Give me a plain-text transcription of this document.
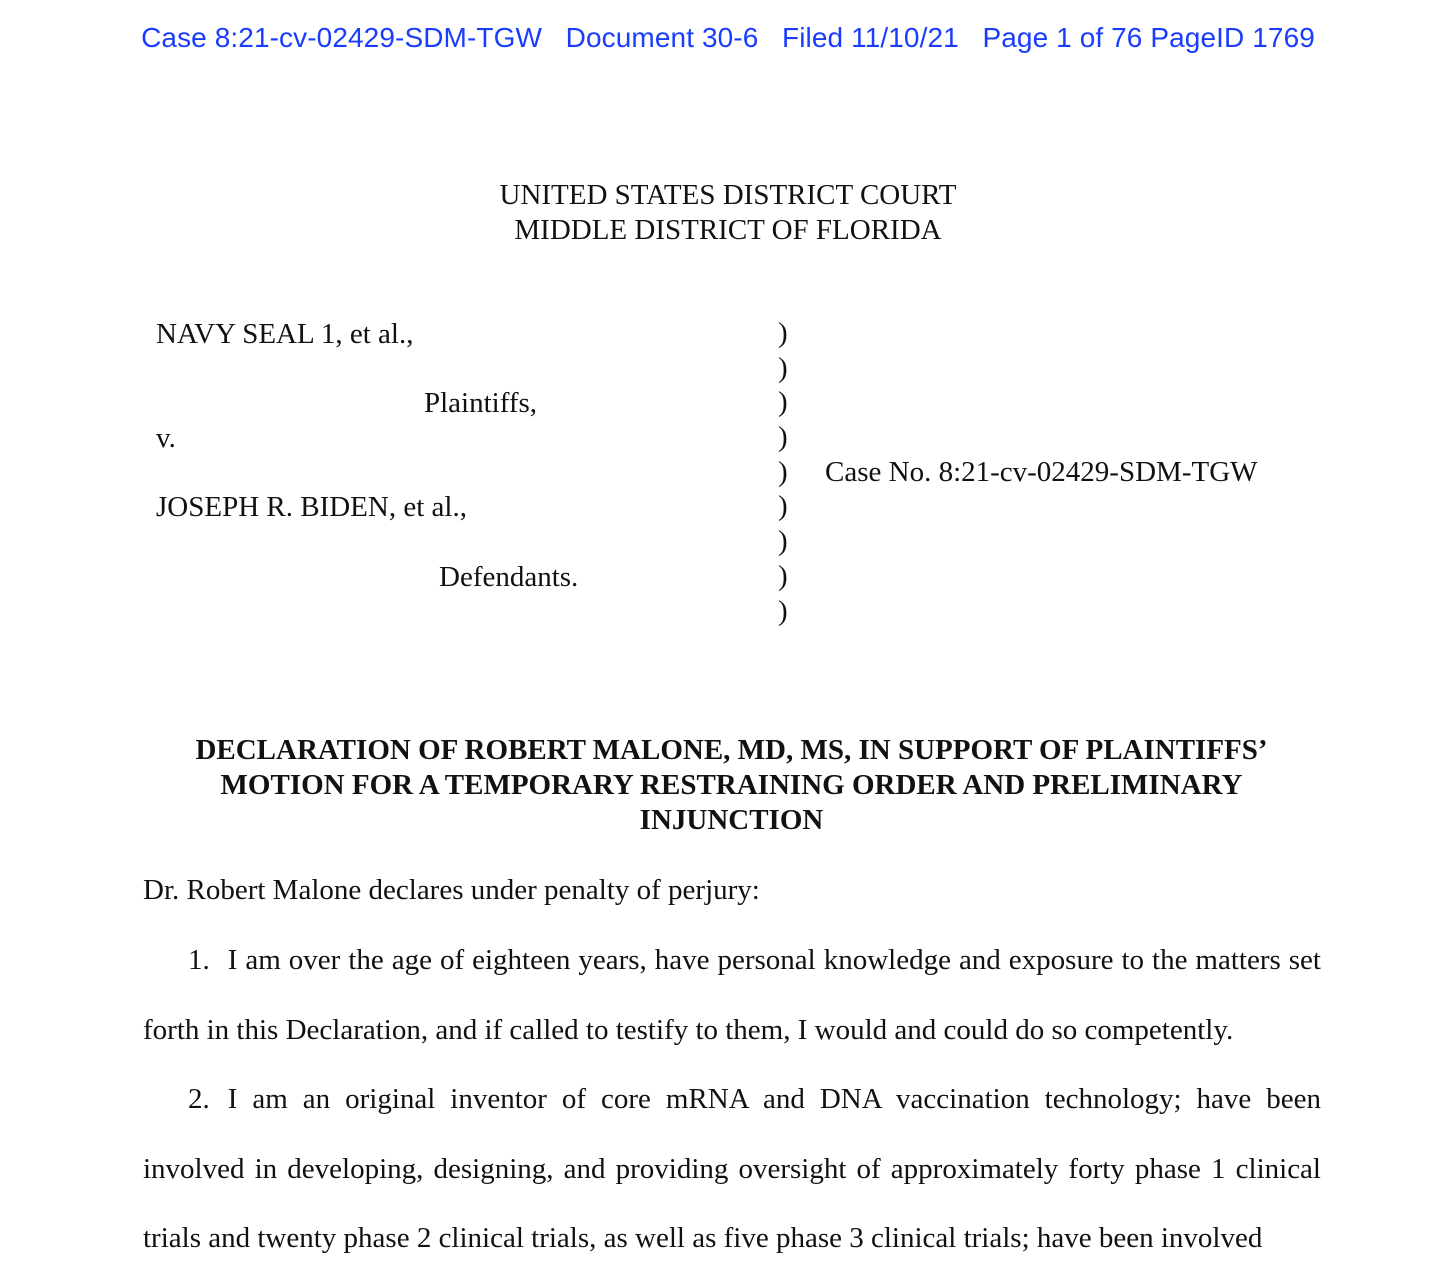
Case 8:21-cv-02429-SDM-TGW Document 30-6 Filed 11/10/21 Page 1 of 76 PageID 1769
UNITED STATES DISTRICT COURT
MIDDLE DISTRICT OF FLORIDA
NAVY SEAL 1, et al.,
Plaintiffs,
v.
JOSEPH R. BIDEN, et al.,
Defendants.
)
)
)
)
)
)
)
)
)
Case No. 8:21-cv-02429-SDM-TGW
DECLARATION OF ROBERT MALONE, MD, MS, IN SUPPORT OF PLAINTIFFS’
MOTION FOR A TEMPORARY RESTRAINING ORDER AND PRELIMINARY
INJUNCTION
Dr. Robert Malone declares under penalty of perjury:
1. I am over the age of eighteen years, have personal knowledge and exposure to the matters set forth in this Declaration, and if called to testify to them, I would and could do so competently.
2. I am an original inventor of core mRNA and DNA vaccination technology; have been involved in developing, designing, and providing oversight of approximately forty phase 1 clinical trials and twenty phase 2 clinical trials, as well as five phase 3 clinical trials; have been involved
